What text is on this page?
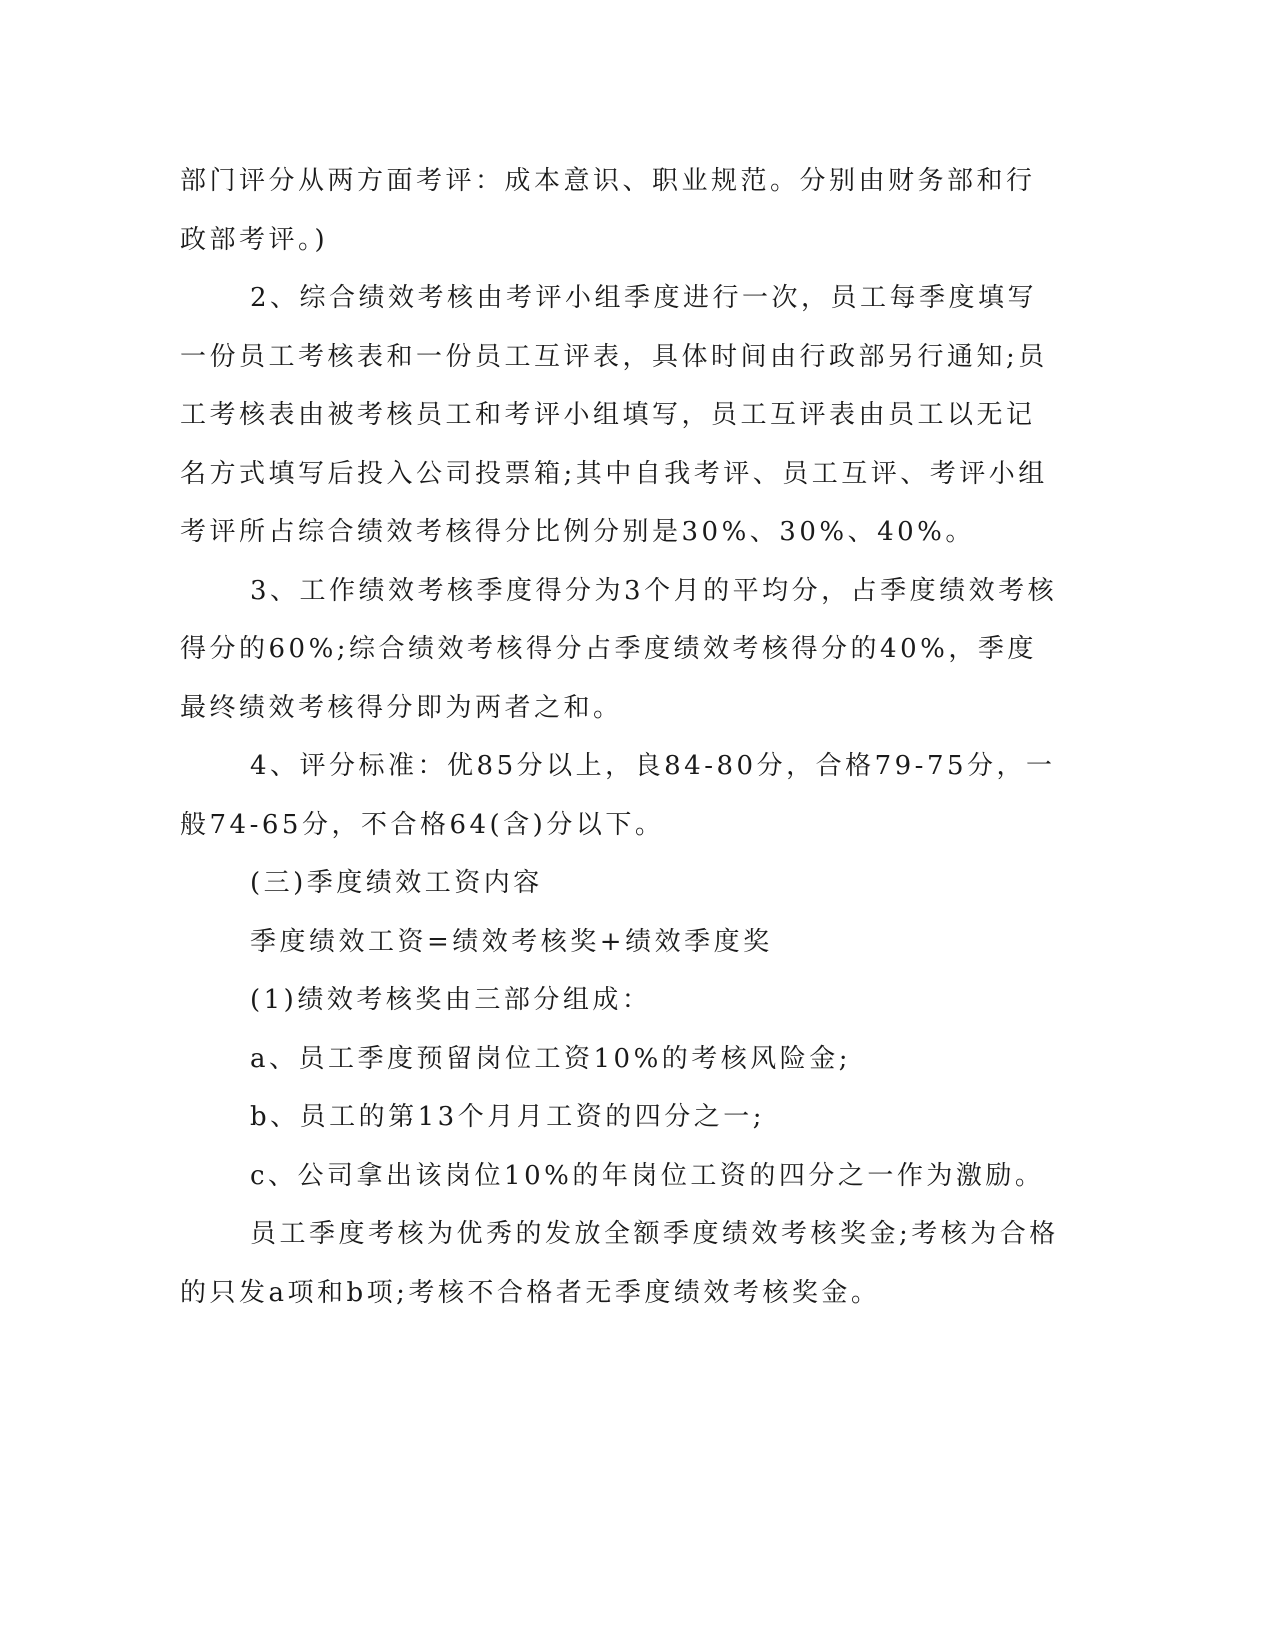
部门评分从两方面考评：成本意识、职业规范。分别由财务部和行政部考评。)

2、综合绩效考核由考评小组季度进行一次，员工每季度填写一份员工考核表和一份员工互评表，具体时间由行政部另行通知;员工考核表由被考核员工和考评小组填写，员工互评表由员工以无记名方式填写后投入公司投票箱;其中自我考评、员工互评、考评小组考评所占综合绩效考核得分比例分别是30%、30%、40%。

3、工作绩效考核季度得分为3个月的平均分，占季度绩效考核得分的60%;综合绩效考核得分占季度绩效考核得分的40%，季度最终绩效考核得分即为两者之和。

4、评分标准：优85分以上，良84-80分，合格79-75分，一般74-65分，不合格64(含)分以下。

(三)季度绩效工资内容

季度绩效工资=绩效考核奖+绩效季度奖

(1)绩效考核奖由三部分组成：

a、员工季度预留岗位工资10%的考核风险金;

b、员工的第13个月月工资的四分之一;

c、公司拿出该岗位10%的年岗位工资的四分之一作为激励。

员工季度考核为优秀的发放全额季度绩效考核奖金;考核为合格的只发a项和b项;考核不合格者无季度绩效考核奖金。
